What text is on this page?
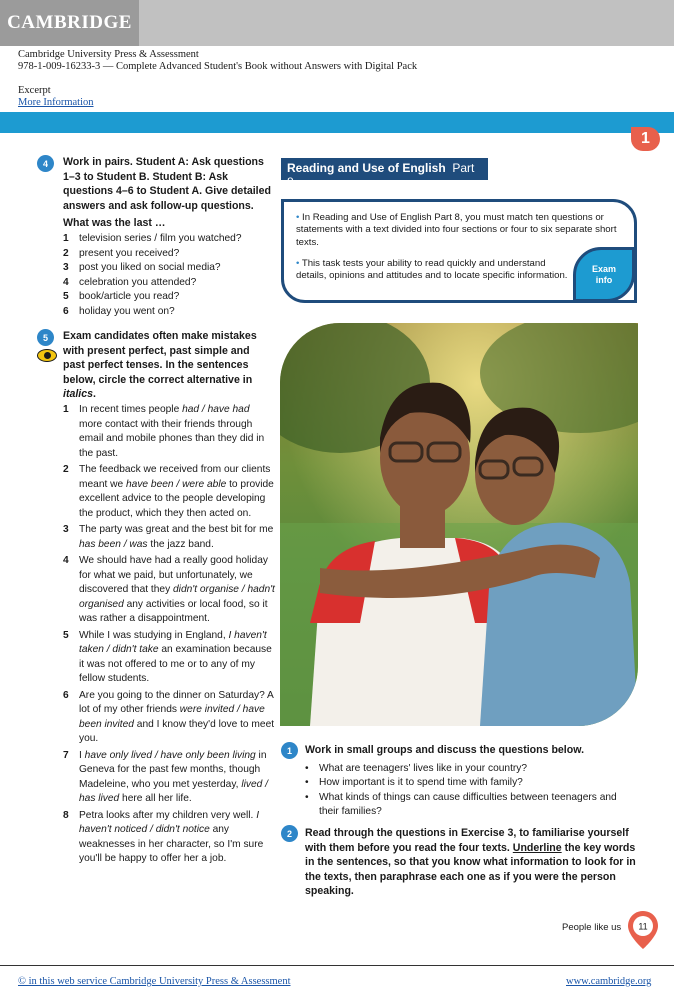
CAMBRIDGE
Cambridge University Press & Assessment
978-1-009-16233-3 — Complete Advanced Student's Book without Answers with Digital Pack
Excerpt
More Information
1
4	Work in pairs. Student A: Ask questions 1–3 to Student B. Student B: Ask questions 4–6 to Student A. Give detailed answers and ask follow-up questions.
What was the last …
1	television series / film you watched?
2	present you received?
3	post you liked on social media?
4	celebration you attended?
5	book/article you read?
6	holiday you went on?
5	Exam candidates often make mistakes with present perfect, past simple and past perfect tenses. In the sentences below, circle the correct alternative in italics.
1	In recent times people had / have had more contact with their friends through email and mobile phones than they did in the past.
2	The feedback we received from our clients meant we have been / were able to provide excellent advice to the people developing the product, which they then acted on.
3	The party was great and the best bit for me has been / was the jazz band.
4	We should have had a really good holiday for what we paid, but unfortunately, we discovered that they didn't organise / hadn't organised any activities or local food, so it was rather a disappointment.
5	While I was studying in England, I haven't taken / didn't take an examination because it was not offered to me or to any of my fellow students.
6	Are you going to the dinner on Saturday? A lot of my other friends were invited / have been invited and I know they'd love to meet you.
7	I have only lived / have only been living in Geneva for the past few months, though Madeleine, who you met yesterday, lived / has lived here all her life.
8	Petra looks after my children very well. I haven't noticed / didn't notice any weaknesses in her character, so I'm sure you'll be happy to offer her a job.
Reading and Use of English Part 8

• In Reading and Use of English Part 8, you must match ten questions or statements with a text divided into four sections or four to six separate short texts.

• This task tests your ability to read quickly and understand details, opinions and attitudes and to locate specific information.

Exam info
1	Work in small groups and discuss the questions below.
•	What are teenagers' lives like in your country?
•	How important is it to spend time with family?
•	What kinds of things can cause difficulties between teenagers and their families?
2	Read through the questions in Exercise 3, to familiarise yourself with them before you read the four texts. Underline the key words in the sentences, so that you know what information to look for in the texts, then paraphrase each one as if you were the person speaking.
People like us 11
© in this web service Cambridge University Press & Assessment	www.cambridge.org
